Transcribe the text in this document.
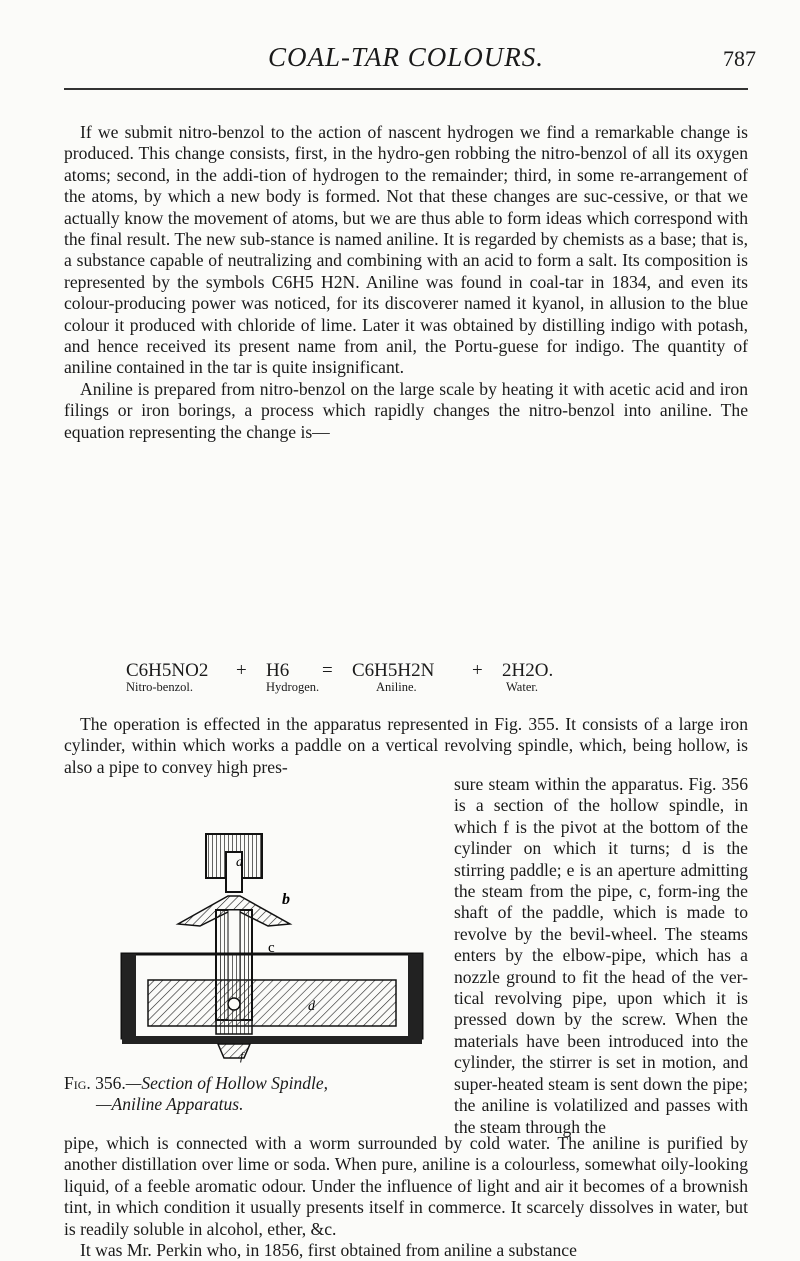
COAL-TAR COLOURS.	787

If we submit nitro-benzol to the action of nascent hydrogen we find a remarkable change is produced. This change consists, first, in the hydro-gen robbing the nitro-benzol of all its oxygen atoms; second, in the addi-tion of hydrogen to the remainder; third, in some re-arrangement of the atoms, by which a new body is formed. Not that these changes are suc-cessive, or that we actually know the movement of atoms, but we are thus able to form ideas which correspond with the final result. The new sub-stance is named aniline. It is regarded by chemists as a base; that is, a substance capable of neutralizing and combining with an acid to form a salt. Its composition is represented by the symbols C6H5 H2N. Aniline was found in coal-tar in 1834, and even its colour-producing power was noticed, for its discoverer named it kyanol, in allusion to the blue colour it produced with chloride of lime. Later it was obtained by distilling indigo with potash, and hence received its present name from anil, the Portu-guese for indigo. The quantity of aniline contained in the tar is quite insignificant.

Aniline is prepared from nitro-benzol on the large scale by heating it with acetic acid and iron filings or iron borings, a process which rapidly changes the nitro-benzol into aniline. The equation representing the change is—

C6H5NO2	+	H6	=	C6H5H2N	+	2H2O.
Nitro-benzol.	Hydrogen.	Aniline.	Water.

The operation is effected in the apparatus represented in Fig. 355. It consists of a large iron cylinder, within which works a paddle on a vertical revolving spindle, which, being hollow, is also a pipe to convey high pres-

sure steam within the apparatus. Fig. 356 is a section of the hollow spindle, in which f is the pivot at the bottom of the cylinder on which it turns; d is the stirring paddle; e is an aperture admitting the steam from the pipe, c, form-ing the shaft of the paddle, which is made to revolve by the bevil-wheel. The steams enters by the elbow-pipe, which has a nozzle ground to fit the head of the ver-tical revolving pipe, upon which it is pressed down by the screw. When the materials have been introduced into the cylinder, the stirrer is set in motion, and super-heated steam is sent down the pipe; the aniline is volatilized and passes with the steam through the

a
b
c
d
f
Fig. 356.—Section of Hollow Spindle,
—Aniline Apparatus.

pipe, which is connected with a worm surrounded by cold water. The aniline is purified by another distillation over lime or soda. When pure, aniline is a colourless, somewhat oily-looking liquid, of a feeble aromatic odour. Under the influence of light and air it becomes of a brownish tint, in which condition it usually presents itself in commerce. It scarcely dissolves in water, but is readily soluble in alcohol, ether, &c.

It was Mr. Perkin who, in 1856, first obtained from aniline a substance
